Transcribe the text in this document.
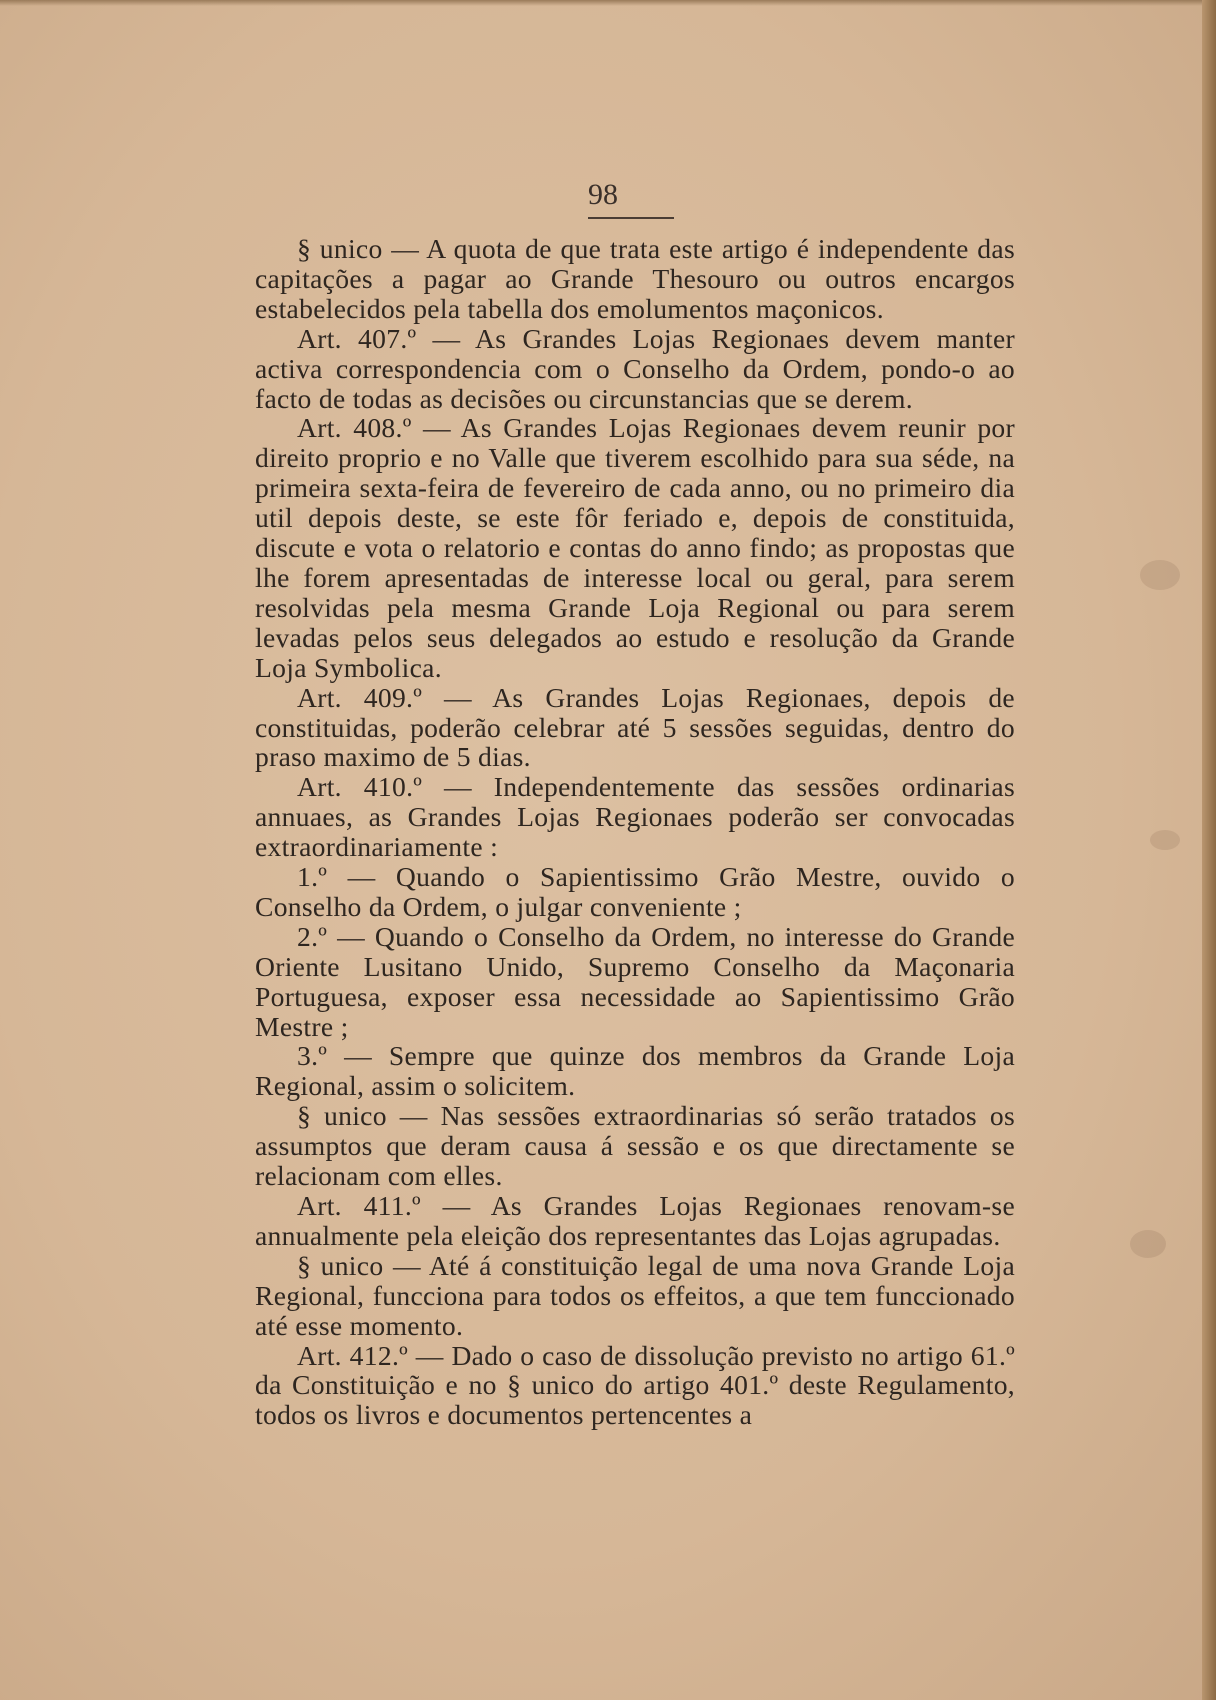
98

§ unico — A quota de que trata este artigo é independente das capitações a pagar ao Grande Thesouro ou outros encargos estabelecidos pela tabella dos emolumentos maçonicos.

Art. 407.º — As Grandes Lojas Regionaes devem manter activa correspondencia com o Conselho da Ordem, pondo-o ao facto de todas as decisões ou circunstancias que se derem.

Art. 408.º — As Grandes Lojas Regionaes devem reunir por direito proprio e no Valle que tiverem escolhido para sua séde, na primeira sexta-feira de fevereiro de cada anno, ou no primeiro dia util depois deste, se este fôr feriado e, depois de constituida, discute e vota o relatorio e contas do anno findo; as propostas que lhe forem apresentadas de interesse local ou geral, para serem resolvidas pela mesma Grande Loja Regional ou para serem levadas pelos seus delegados ao estudo e resolução da Grande Loja Symbolica.

Art. 409.º — As Grandes Lojas Regionaes, depois de constituidas, poderão celebrar até 5 sessões seguidas, dentro do praso maximo de 5 dias.

Art. 410.º — Independentemente das sessões ordinarias annuaes, as Grandes Lojas Regionaes poderão ser convocadas extraordinariamente :

1.º — Quando o Sapientissimo Grão Mestre, ouvido o Conselho da Ordem, o julgar conveniente ;

2.º — Quando o Conselho da Ordem, no interesse do Grande Oriente Lusitano Unido, Supremo Conselho da Maçonaria Portuguesa, exposer essa necessidade ao Sapientissimo Grão Mestre ;

3.º — Sempre que quinze dos membros da Grande Loja Regional, assim o solicitem.

§ unico — Nas sessões extraordinarias só serão tratados os assumptos que deram causa á sessão e os que directamente se relacionam com elles.

Art. 411.º — As Grandes Lojas Regionaes renovam-se annualmente pela eleição dos representantes das Lojas agrupadas.

§ unico — Até á constituição legal de uma nova Grande Loja Regional, funcciona para todos os effeitos, a que tem funccionado até esse momento.

Art. 412.º — Dado o caso de dissolução previsto no artigo 61.º da Constituição e no § unico do artigo 401.º deste Regulamento, todos os livros e documentos pertencentes a
